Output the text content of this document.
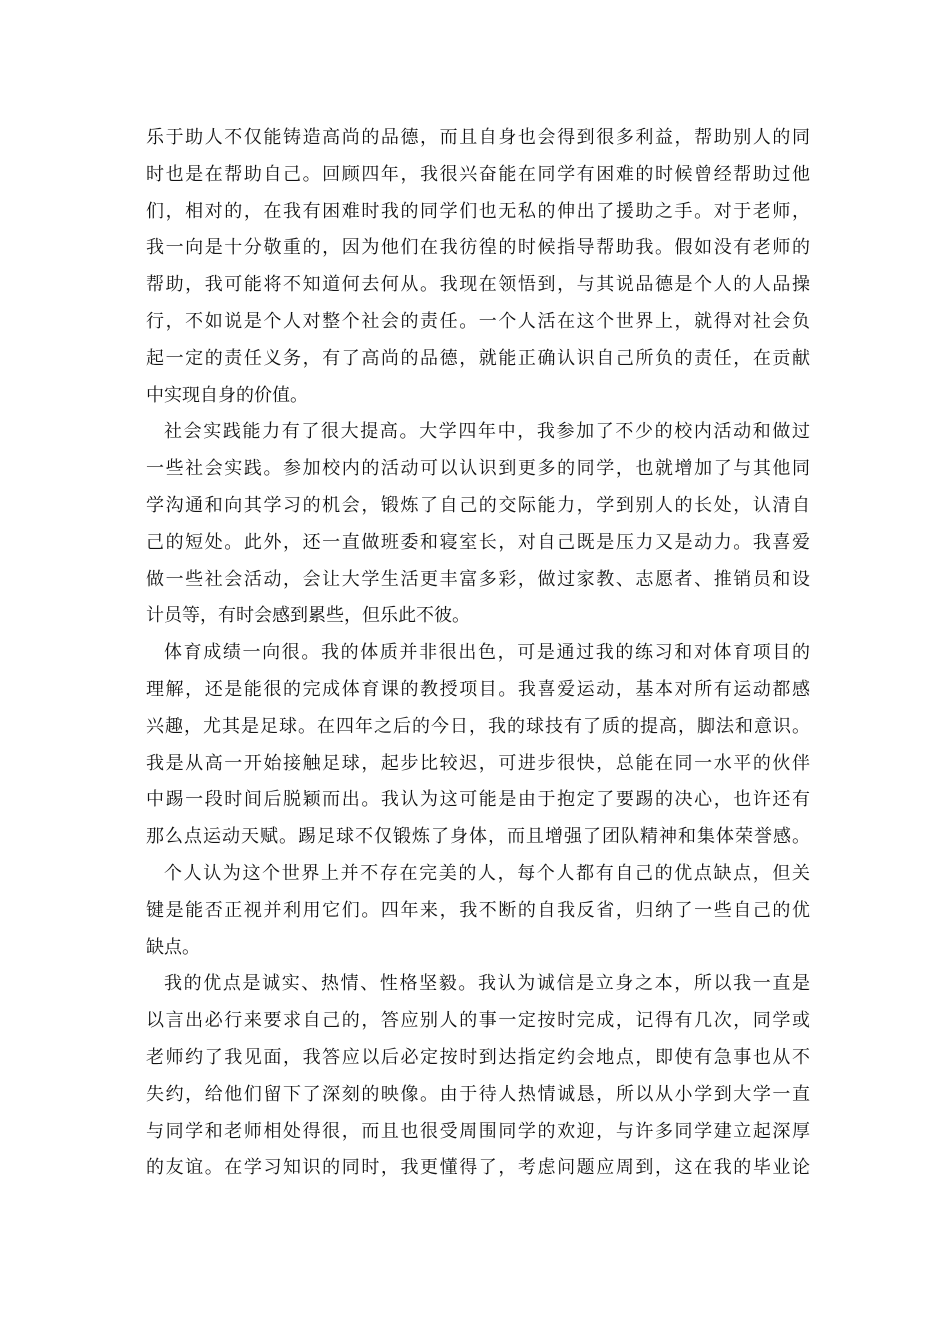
乐于助人不仅能铸造高尚的品德，而且自身也会得到很多利益，帮助别人的同
时也是在帮助自己。回顾四年，我很兴奋能在同学有困难的时候曾经帮助过他
们，相对的，在我有困难时我的同学们也无私的伸出了援助之手。对于老师，
我一向是十分敬重的，因为他们在我彷徨的时候指导帮助我。假如没有老师的
帮助，我可能将不知道何去何从。我现在领悟到，与其说品德是个人的人品操
行，不如说是个人对整个社会的责任。一个人活在这个世界上，就得对社会负
起一定的责任义务，有了高尚的品德，就能正确认识自己所负的责任，在贡献
中实现自身的价值。
社会实践能力有了很大提高。大学四年中，我参加了不少的校内活动和做过
一些社会实践。参加校内的活动可以认识到更多的同学，也就增加了与其他同
学沟通和向其学习的机会，锻炼了自己的交际能力，学到别人的长处，认清自
己的短处。此外，还一直做班委和寝室长，对自己既是压力又是动力。我喜爱
做一些社会活动，会让大学生活更丰富多彩，做过家教、志愿者、推销员和设
计员等，有时会感到累些，但乐此不彼。
体育成绩一向很。我的体质并非很出色，可是通过我的练习和对体育项目的
理解，还是能很的完成体育课的教授项目。我喜爱运动，基本对所有运动都感
兴趣，尤其是足球。在四年之后的今日，我的球技有了质的提高，脚法和意识。
我是从高一开始接触足球，起步比较迟，可进步很快，总能在同一水平的伙伴
中踢一段时间后脱颖而出。我认为这可能是由于抱定了要踢的决心，也许还有
那么点运动天赋。踢足球不仅锻炼了身体，而且增强了团队精神和集体荣誉感。
个人认为这个世界上并不存在完美的人，每个人都有自己的优点缺点，但关
键是能否正视并利用它们。四年来，我不断的自我反省，归纳了一些自己的优
缺点。
我的优点是诚实、热情、性格坚毅。我认为诚信是立身之本，所以我一直是
以言出必行来要求自己的，答应别人的事一定按时完成，记得有几次，同学或
老师约了我见面，我答应以后必定按时到达指定约会地点，即使有急事也从不
失约，给他们留下了深刻的映像。由于待人热情诚恳，所以从小学到大学一直
与同学和老师相处得很，而且也很受周围同学的欢迎，与许多同学建立起深厚
的友谊。在学习知识的同时，我更懂得了，考虑问题应周到，这在我的毕业论
